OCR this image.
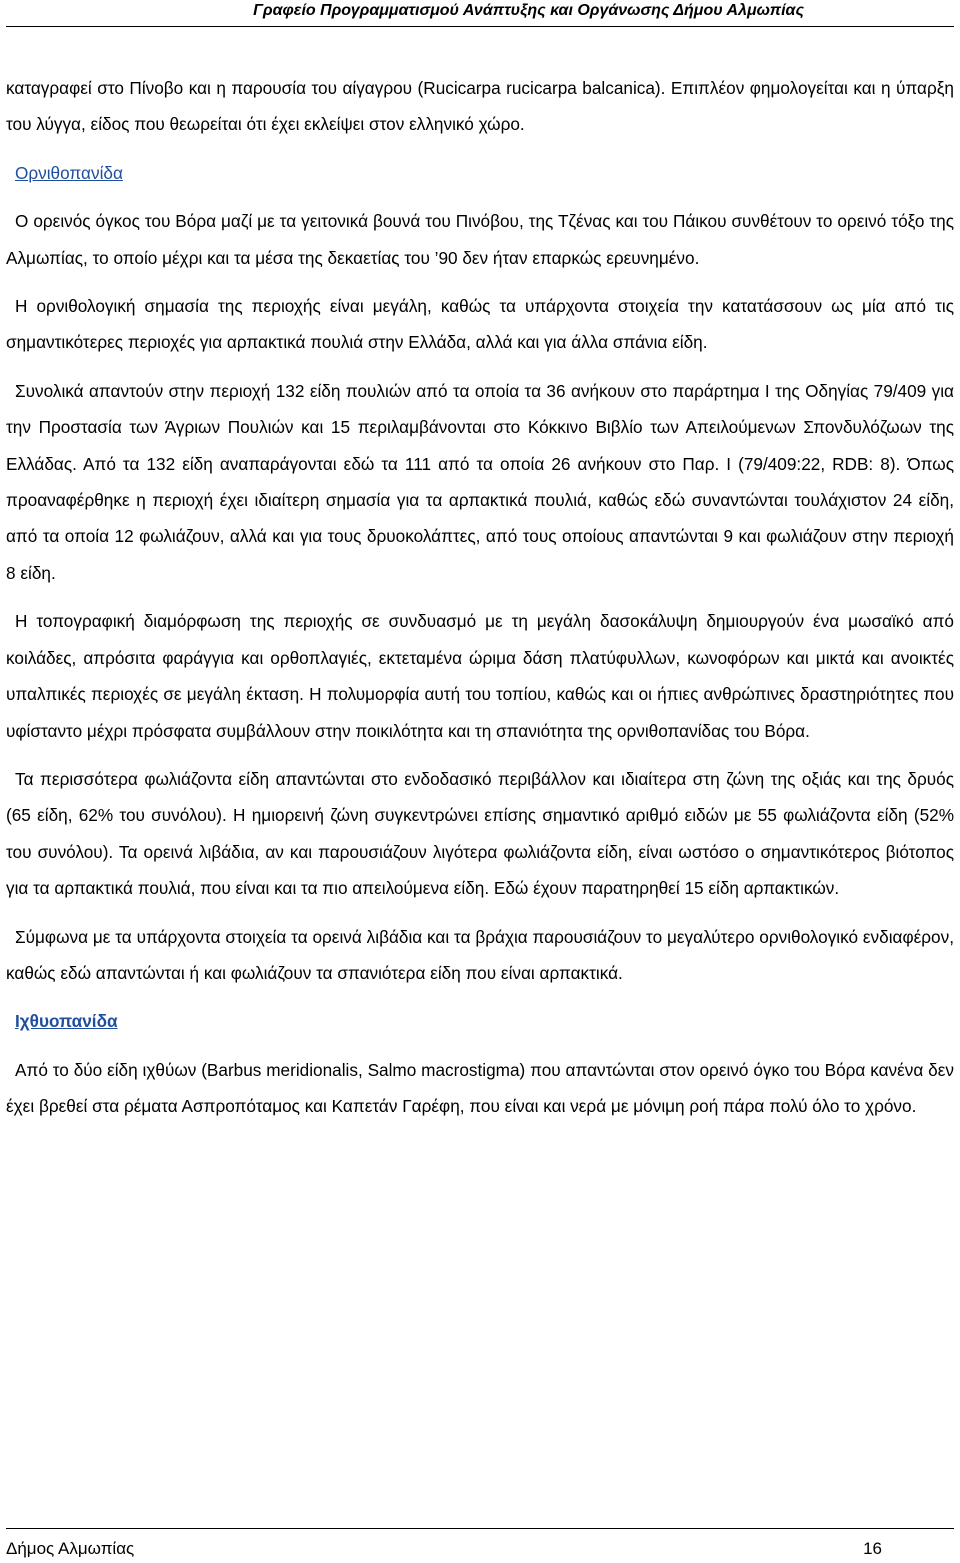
Γραφείο Προγραμματισμού Ανάπτυξης και Οργάνωσης Δήμου Αλμωπίας

καταγραφεί στο Πίνοβο και η παρουσία του αίγαγρου (Rucicarpa rucicarpa balcanica). Επιπλέον φημολογείται και η ύπαρξη του λύγγα, είδος που θεωρείται ότι έχει εκλείψει στον ελληνικό χώρο.

Ορνιθοπανίδα

Ο ορεινός όγκος του Βόρα μαζί με τα γειτονικά βουνά του Πινόβου, της Τζένας και του Πάικου συνθέτουν το ορεινό τόξο της Αλμωπίας, το οποίο μέχρι και τα μέσα της δεκαετίας του ’90 δεν ήταν επαρκώς ερευνημένο.

Η ορνιθολογική σημασία της περιοχής είναι μεγάλη, καθώς τα υπάρχοντα στοιχεία την κατατάσσουν ως μία από τις σημαντικότερες περιοχές για αρπακτικά πουλιά στην Ελλάδα, αλλά και για άλλα σπάνια είδη.

Συνολικά απαντούν στην περιοχή 132 είδη πουλιών από τα οποία τα 36 ανήκουν στο παράρτημα I της Οδηγίας 79/409 για την Προστασία των Άγριων Πουλιών και 15 περιλαμβάνονται στο Κόκκινο Βιβλίο των Απειλούμενων Σπονδυλόζωων της Ελλάδας. Από τα 132 είδη αναπαράγονται εδώ τα 111 από τα οποία 26 ανήκουν στο Παρ. I (79/409:22, RDB: 8). Όπως προαναφέρθηκε η περιοχή έχει ιδιαίτερη σημασία για τα αρπακτικά πουλιά, καθώς εδώ συναντώνται τουλάχιστον 24 είδη, από τα οποία 12 φωλιάζουν, αλλά και για τους δρυοκολάπτες, από τους οποίους απαντώνται 9 και φωλιάζουν στην περιοχή 8 είδη.

Η τοπογραφική διαμόρφωση της περιοχής σε συνδυασμό με τη μεγάλη δασοκάλυψη δημιουργούν ένα μωσαϊκό από κοιλάδες, απρόσιτα φαράγγια και ορθοπλαγιές, εκτεταμένα ώριμα δάση πλατύφυλλων, κωνοφόρων και μικτά και ανοικτές υπαλπικές περιοχές σε μεγάλη έκταση. Η πολυμορφία αυτή του τοπίου, καθώς και οι ήπιες ανθρώπινες δραστηριότητες που υφίσταντο μέχρι πρόσφατα συμβάλλουν στην ποικιλότητα και τη σπανιότητα της ορνιθοπανίδας του Βόρα.

Τα περισσότερα φωλιάζοντα είδη απαντώνται στο ενδοδασικό περιβάλλον και ιδιαίτερα στη ζώνη της οξιάς και της δρυός (65 είδη, 62% του συνόλου). Η ημιορεινή ζώνη συγκεντρώνει επίσης σημαντικό αριθμό ειδών με 55 φωλιάζοντα είδη (52% του συνόλου). Τα ορεινά λιβάδια, αν και παρουσιάζουν λιγότερα φωλιάζοντα είδη, είναι ωστόσο ο σημαντικότερος βιότοπος για τα αρπακτικά πουλιά, που είναι και τα πιο απειλούμενα είδη. Εδώ έχουν παρατηρηθεί 15 είδη αρπακτικών.

Σύμφωνα με τα υπάρχοντα στοιχεία τα ορεινά λιβάδια και τα βράχια παρουσιάζουν το μεγαλύτερο ορνιθολογικό ενδιαφέρον, καθώς εδώ απαντώνται ή και φωλιάζουν τα σπανιότερα είδη που είναι αρπακτικά.

Ιχθυοπανίδα

Από το δύο είδη ιχθύων (Barbus meridionalis, Salmo macrostigma) που απαντώνται στον ορεινό όγκο του Βόρα κανένα δεν έχει βρεθεί στα ρέματα Ασπροπόταμος και Καπετάν Γαρέφη, που είναι και νερά με μόνιμη ροή πάρα πολύ όλο το χρόνο.

Δήμος Αλμωπίας	16
